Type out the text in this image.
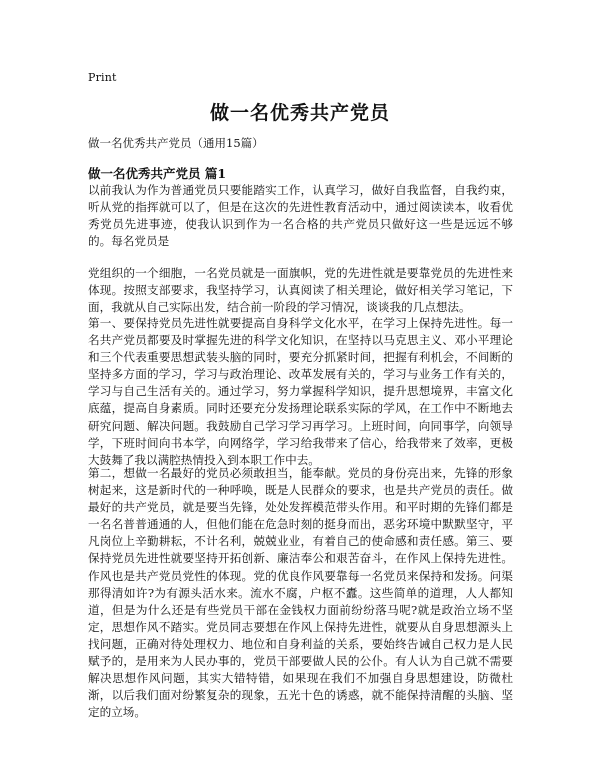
Print
做一名优秀共产党员
做一名优秀共产党员（通用15篇）
做一名优秀共产党员 篇1

以前我认为作为普通党员只要能踏实工作，认真学习，做好自我监督，自我约束，听从党的指挥就可以了，但是在这次的先进性教育活动中，通过阅读读本，收看优秀党员先进事迹，使我认识到作为一名合格的共产党员只做好这一些是远远不够的。每名党员是

党组织的一个细胞，一名党员就是一面旗帜，党的先进性就是要靠党员的先进性来体现。按照支部要求，我坚持学习，认真阅读了相关理论，做好相关学习笔记，下面，我就从自己实际出发，结合前一阶段的学习情况，谈谈我的几点想法。

第一、要保持党员先进性就要提高自身科学文化水平，在学习上保持先进性。每一名共产党员都要及时掌握先进的科学文化知识，在坚持以马克思主义、邓小平理论和三个代表重要思想武装头脑的同时，要充分抓紧时间，把握有利机会，不间断的坚持多方面的学习，学习与政治理论、改革发展有关的，学习与业务工作有关的，学习与自己生活有关的。通过学习，努力掌握科学知识，提升思想境界，丰富文化底蕴，提高自身素质。同时还要充分发扬理论联系实际的学风，在工作中不断地去研究问题、解决问题。我鼓励自己学习学习再学习。上班时间，向同事学，向领导学，下班时间向书本学，向网络学，学习给我带来了信心，给我带来了效率，更极大鼓舞了我以满腔热情投入到本职工作中去。

第二，想做一名最好的党员必须敢担当，能奉献。党员的身份亮出来，先锋的形象树起来，这是新时代的一种呼唤，既是人民群众的要求，也是共产党员的责任。做最好的共产党员，就是要当先锋，处处发挥模范带头作用。和平时期的先锋们都是一名名普普通通的人，但他们能在危急时刻的挺身而出，恶劣环境中默默坚守，平凡岗位上辛勤耕耘，不计名利，兢兢业业，有着自己的使命感和责任感。第三、要保持党员先进性就要坚持开拓创新、廉洁奉公和艰苦奋斗，在作风上保持先进性。作风也是共产党员党性的体现。党的优良作风要靠每一名党员来保持和发扬。问渠那得清如许?为有源头活水来。流水不腐，户枢不蠹。这些简单的道理，人人都知道，但是为什么还是有些党员干部在金钱权力面前纷纷落马呢?就是政治立场不坚定，思想作风不踏实。党员同志要想在作风上保持先进性，就要从自身思想源头上找问题，正确对待处理权力、地位和自身利益的关系，要始终告诫自己权力是人民赋予的，是用来为人民办事的，党员干部要做人民的公仆。有人认为自己就不需要解决思想作风问题，其实大错特错，如果现在我们不加强自身思想建设，防微杜渐，以后我们面对纷繁复杂的现象，五光十色的诱惑，就不能保持清醒的头脑、坚定的立场。
